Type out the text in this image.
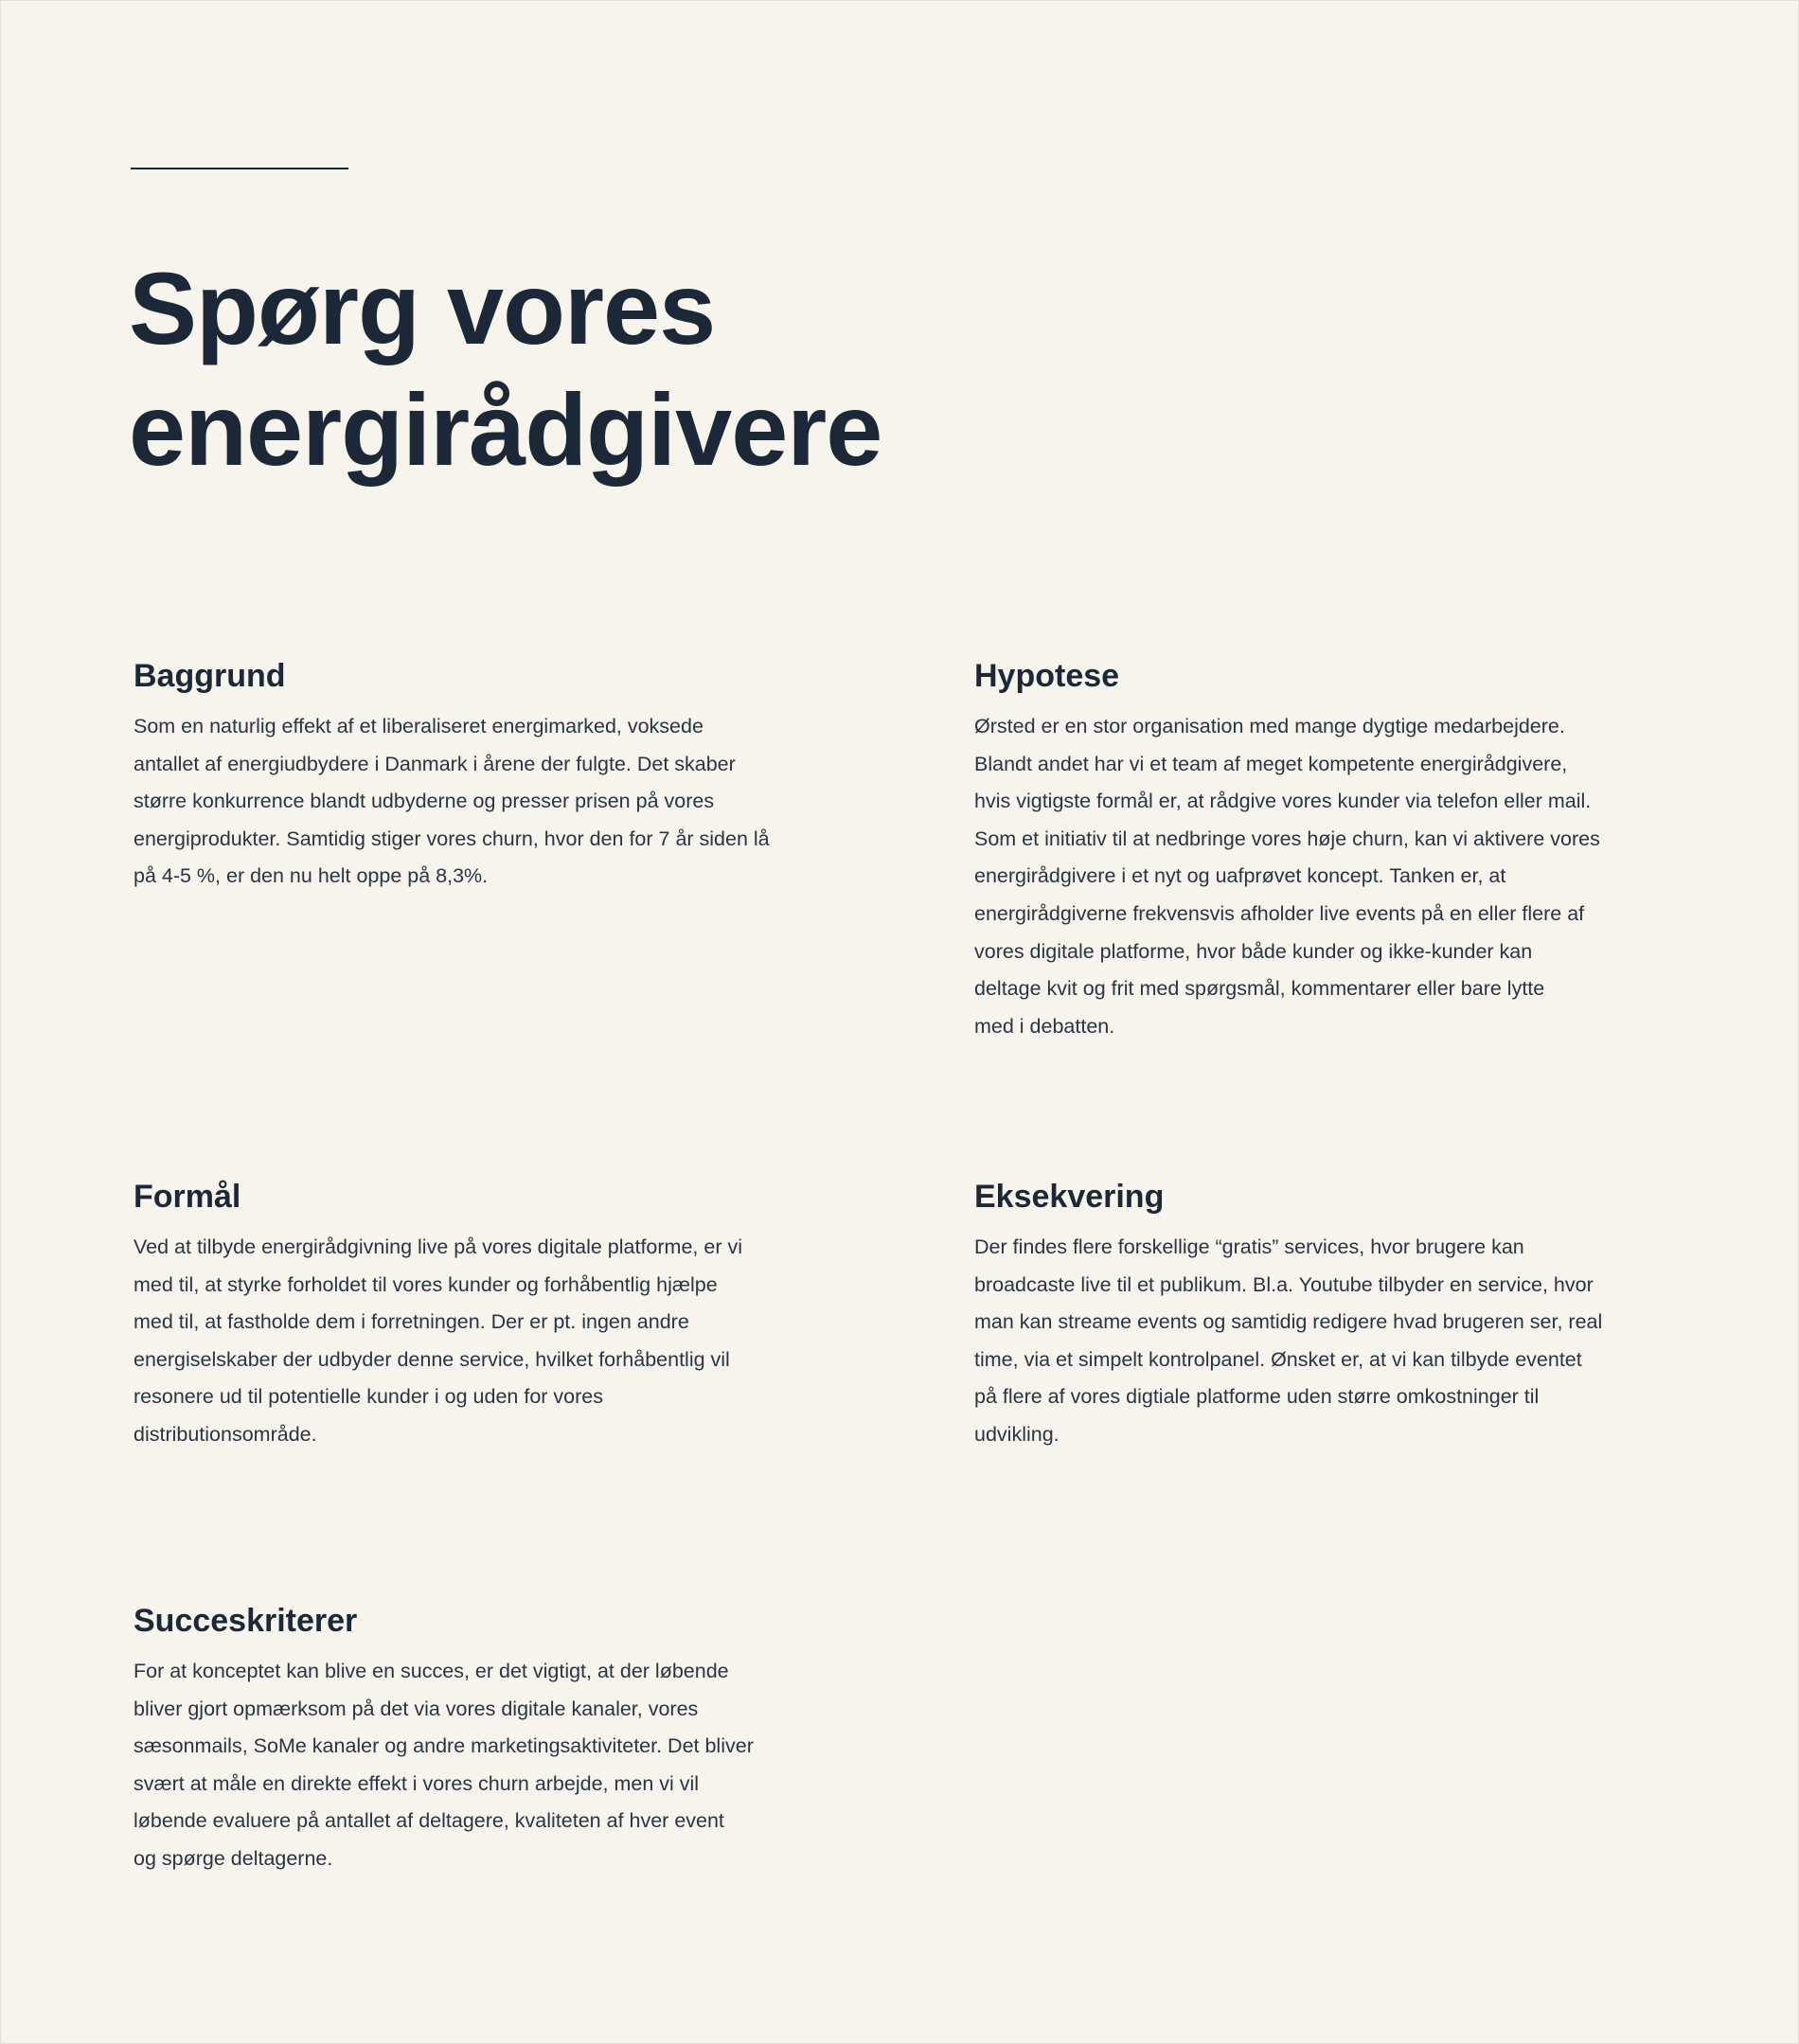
Spørg vores energirådgivere
Baggrund

Som en naturlig effekt af et liberaliseret energimarked, voksede
antallet af energiudbydere i Danmark i årene der fulgte. Det skaber
større konkurrence blandt udbyderne og presser prisen på vores
energiprodukter. Samtidig stiger vores churn, hvor den for 7 år siden lå
på 4-5 %, er den nu helt oppe på 8,3%.

Hypotese

Ørsted er en stor organisation med mange dygtige medarbejdere.
Blandt andet har vi et team af meget kompetente energirådgivere,
hvis vigtigste formål er, at rådgive vores kunder via telefon eller mail.
Som et initiativ til at nedbringe vores høje churn, kan vi aktivere vores
energirådgivere i et nyt og uafprøvet koncept. Tanken er, at
energirådgiverne frekvensvis afholder live events på en eller flere af
vores digitale platforme, hvor både kunder og ikke-kunder kan
deltage kvit og frit med spørgsmål, kommentarer eller bare lytte
med i debatten.

Formål

Ved at tilbyde energirådgivning live på vores digitale platforme, er vi
med til, at styrke forholdet til vores kunder og forhåbentlig hjælpe
med til, at fastholde dem i forretningen. Der er pt. ingen andre
energiselskaber der udbyder denne service, hvilket forhåbentlig vil
resonere ud til potentielle kunder i og uden for vores
distributionsområde.

Eksekvering

Der findes flere forskellige “gratis” services, hvor brugere kan
broadcaste live til et publikum. Bl.a. Youtube tilbyder en service, hvor
man kan streame events og samtidig redigere hvad brugeren ser, real
time, via et simpelt kontrolpanel. Ønsket er, at vi kan tilbyde eventet
på flere af vores digtiale platforme uden større omkostninger til
udvikling.

Succeskriterer

For at konceptet kan blive en succes, er det vigtigt, at der løbende
bliver gjort opmærksom på det via vores digitale kanaler, vores
sæsonmails, SoMe kanaler og andre marketingsaktiviteter. Det bliver
svært at måle en direkte effekt i vores churn arbejde, men vi vil
løbende evaluere på antallet af deltagere, kvaliteten af hver event
og spørge deltagerne.
